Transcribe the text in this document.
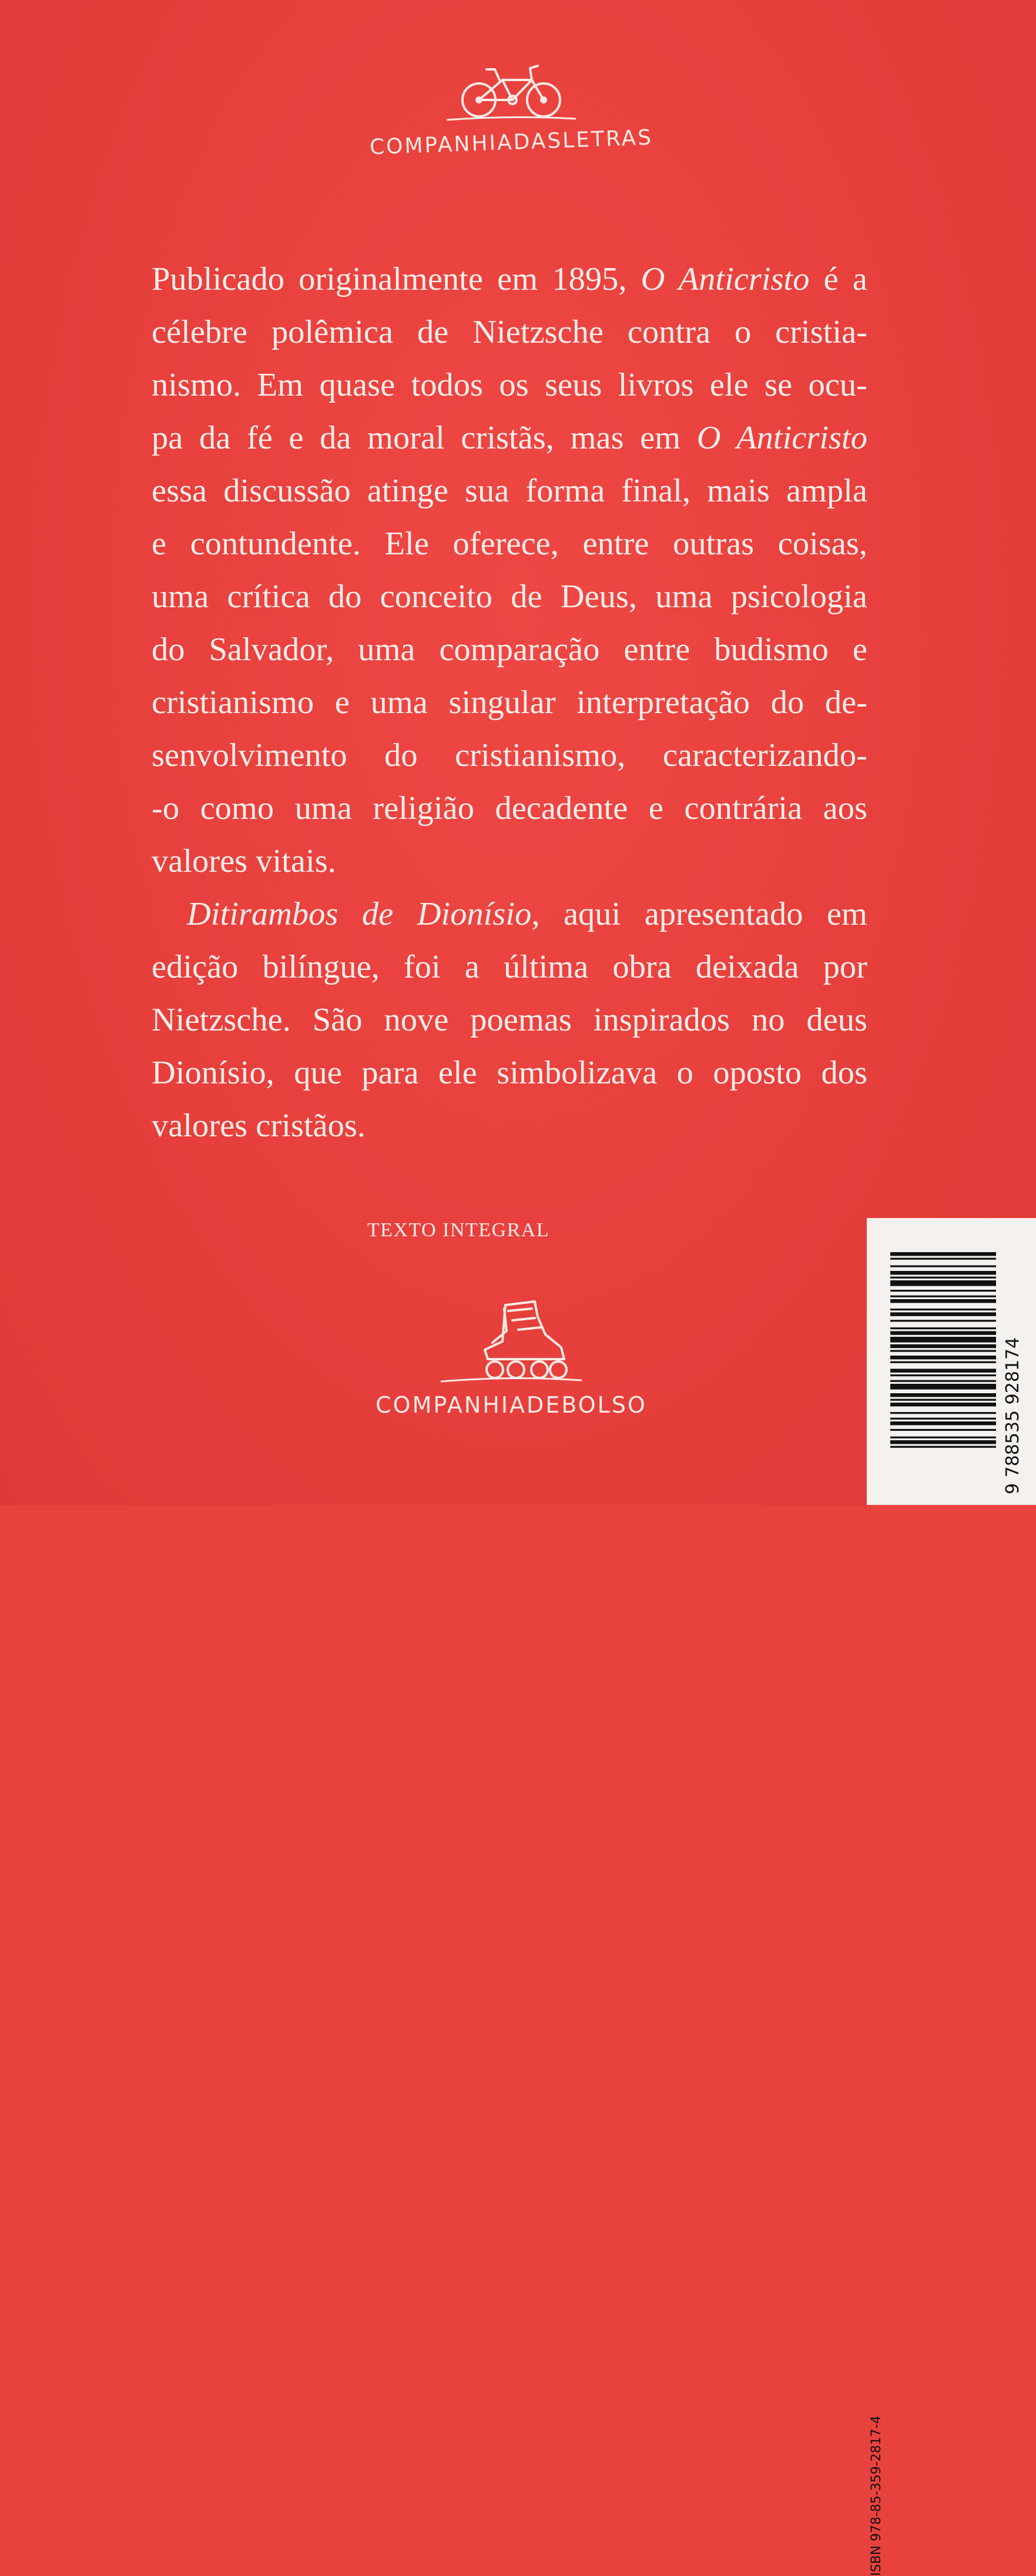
COMPANHIADASLETRAS
Publicado originalmente em 1895, O Anticristo é a
célebre polêmica de Nietzsche contra o cristia-
nismo. Em quase todos os seus livros ele se ocu-
pa da fé e da moral cristãs, mas em O Anticristo
essa discussão atinge sua forma final, mais ampla
e contundente. Ele oferece, entre outras coisas,
uma crítica do conceito de Deus, uma psicologia
do Salvador, uma comparação entre budismo e
cristianismo e uma singular interpretação do de-
senvolvimento do cristianismo, caracterizando-
-o como uma religião decadente e contrária aos
valores vitais.
Ditirambos de Dionísio, aqui apresentado em
edição bilíngue, foi a última obra deixada por
Nietzsche. São nove poemas inspirados no deus
Dionísio, que para ele simbolizava o oposto dos
valores cristãos.
TEXTO INTEGRAL
COMPANHIADEBOLSO	9 788535 928174
ISBN 978-85-359-2817-4
